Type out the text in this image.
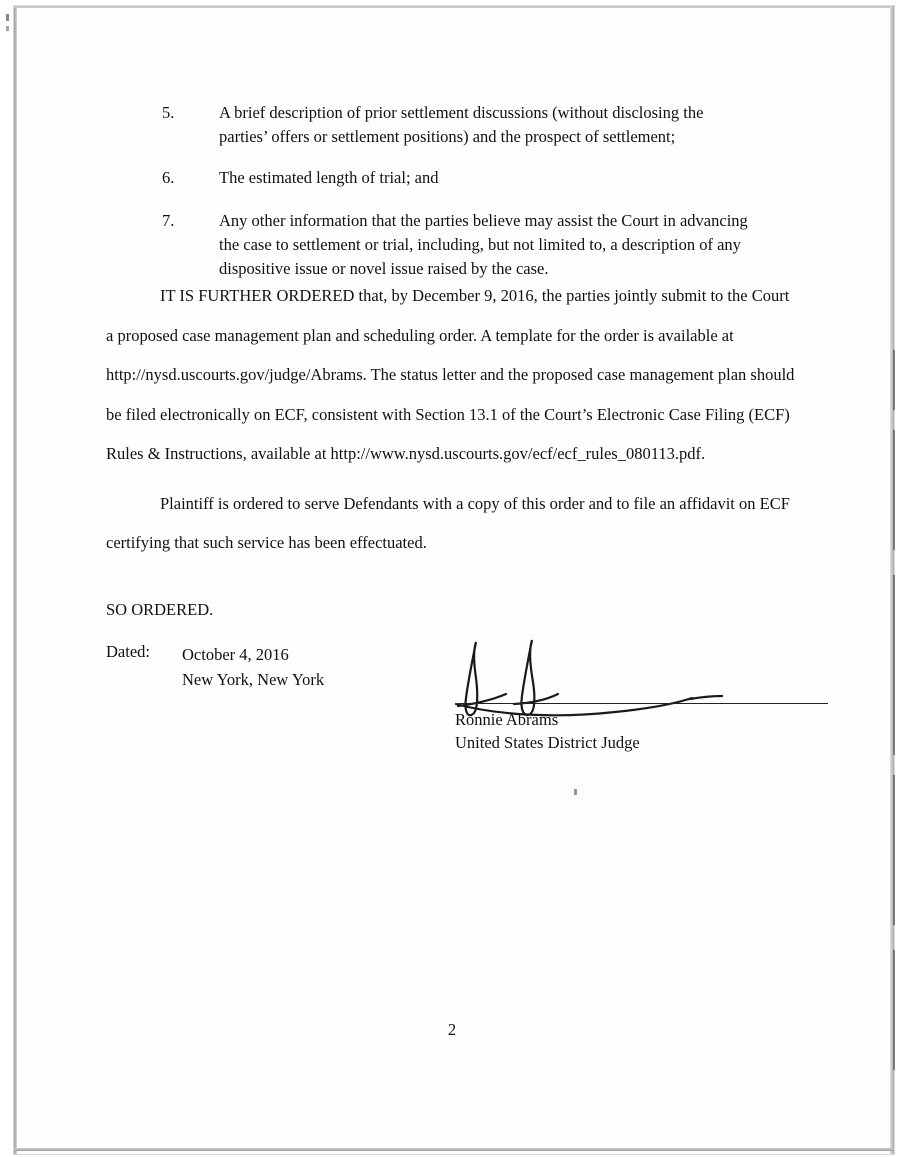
5.	A brief description of prior settlement discussions (without disclosing the parties’ offers or settlement positions) and the prospect of settlement;
6.	The estimated length of trial; and
7.	Any other information that the parties believe may assist the Court in advancing the case to settlement or trial, including, but not limited to, a description of any dispositive issue or novel issue raised by the case.

IT IS FURTHER ORDERED that, by December 9, 2016, the parties jointly submit to the Court a proposed case management plan and scheduling order. A template for the order is available at http://nysd.uscourts.gov/judge/Abrams. The status letter and the proposed case management plan should be filed electronically on ECF, consistent with Section 13.1 of the Court’s Electronic Case Filing (ECF) Rules & Instructions, available at http://www.nysd.uscourts.gov/ecf/ecf_rules_080113.pdf.

Plaintiff is ordered to serve Defendants with a copy of this order and to file an affidavit on ECF certifying that such service has been effectuated.

SO ORDERED.
Dated:	October 4, 2016
New York, New York
Ronnie Abrams
United States District Judge
2
